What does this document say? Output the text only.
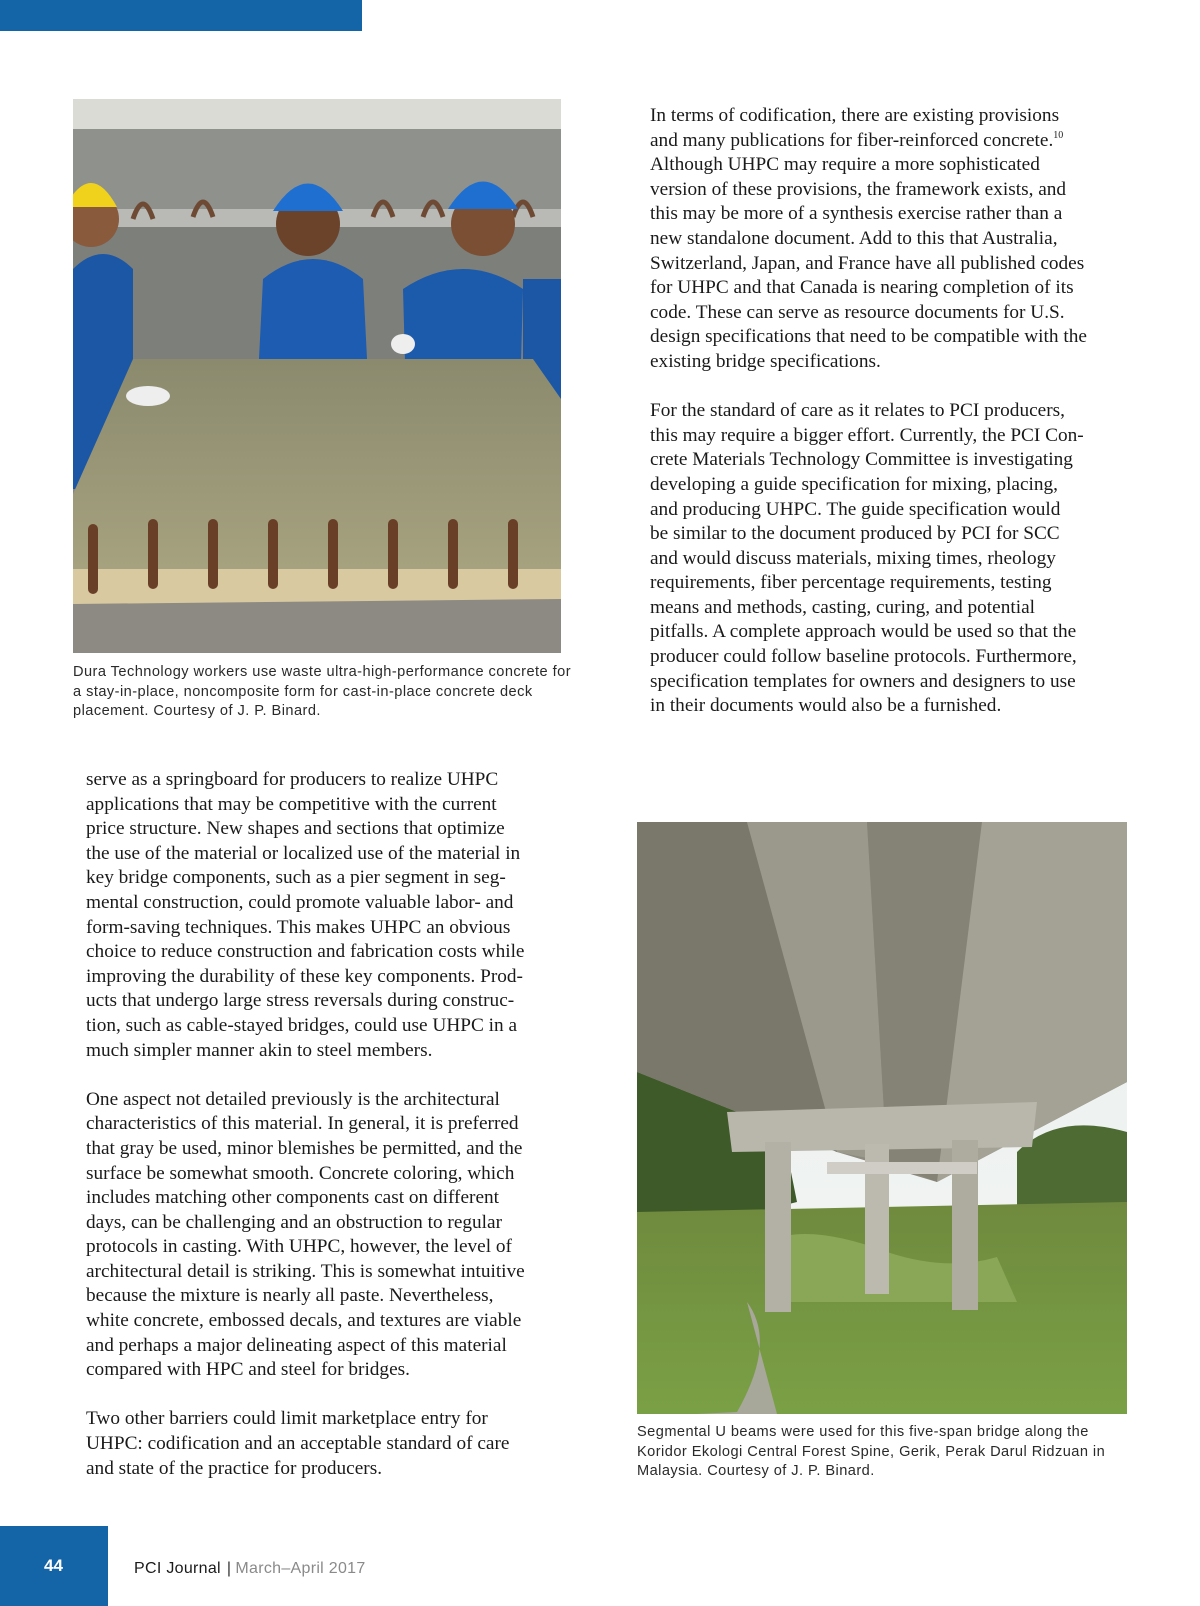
Dura Technology workers use waste ultra-high-performance concrete for a stay-in-place, noncomposite form for cast-in-place concrete deck placement. Courtesy of J. P. Binard.

In terms of codification, there are existing provisions
and many publications for fiber-reinforced concrete.$^{10}$
Although UHPC may require a more sophisticated
version of these provisions, the framework exists, and
this may be more of a synthesis exercise rather than a
new standalone document. Add to this that Australia,
Switzerland, Japan, and France have all published codes
for UHPC and that Canada is nearing completion of its
code. These can serve as resource documents for U.S.
design specifications that need to be compatible with the
existing bridge specifications.

For the standard of care as it relates to PCI producers,
this may require a bigger effort. Currently, the PCI Con-
crete Materials Technology Committee is investigating
developing a guide specification for mixing, placing,
and producing UHPC. The guide specification would
be similar to the document produced by PCI for SCC
and would discuss materials, mixing times, rheology
requirements, fiber percentage requirements, testing
means and methods, casting, curing, and potential
pitfalls. A complete approach would be used so that the
producer could follow baseline protocols. Furthermore,
specification templates for owners and designers to use
in their documents would also be a furnished.

serve as a springboard for producers to realize UHPC
applications that may be competitive with the current
price structure. New shapes and sections that optimize
the use of the material or localized use of the material in
key bridge components, such as a pier segment in seg-
mental construction, could promote valuable labor- and
form-saving techniques. This makes UHPC an obvious
choice to reduce construction and fabrication costs while
improving the durability of these key components. Prod-
ucts that undergo large stress reversals during construc-
tion, such as cable-stayed bridges, could use UHPC in a
much simpler manner akin to steel members.

One aspect not detailed previously is the architectural
characteristics of this material. In general, it is preferred
that gray be used, minor blemishes be permitted, and the
surface be somewhat smooth. Concrete coloring, which
includes matching other components cast on different
days, can be challenging and an obstruction to regular
protocols in casting. With UHPC, however, the level of
architectural detail is striking. This is somewhat intuitive
because the mixture is nearly all paste. Nevertheless,
white concrete, embossed decals, and textures are viable
and perhaps a major delineating aspect of this material
compared with HPC and steel for bridges.

Two other barriers could limit marketplace entry for
UHPC: codification and an acceptable standard of care
and state of the practice for producers.

Segmental U beams were used for this five-span bridge along the Koridor Ekologi Central Forest Spine, Gerik, Perak Darul Ridzuan in Malaysia. Courtesy of J. P. Binard.

44	PCI Journal | March–April 2017
